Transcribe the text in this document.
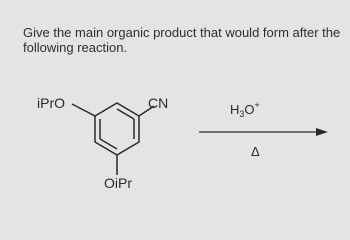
Give the main organic product that would form after the following reaction.

iPrO	CN
OiPr
$H_3O^+$
Δ
